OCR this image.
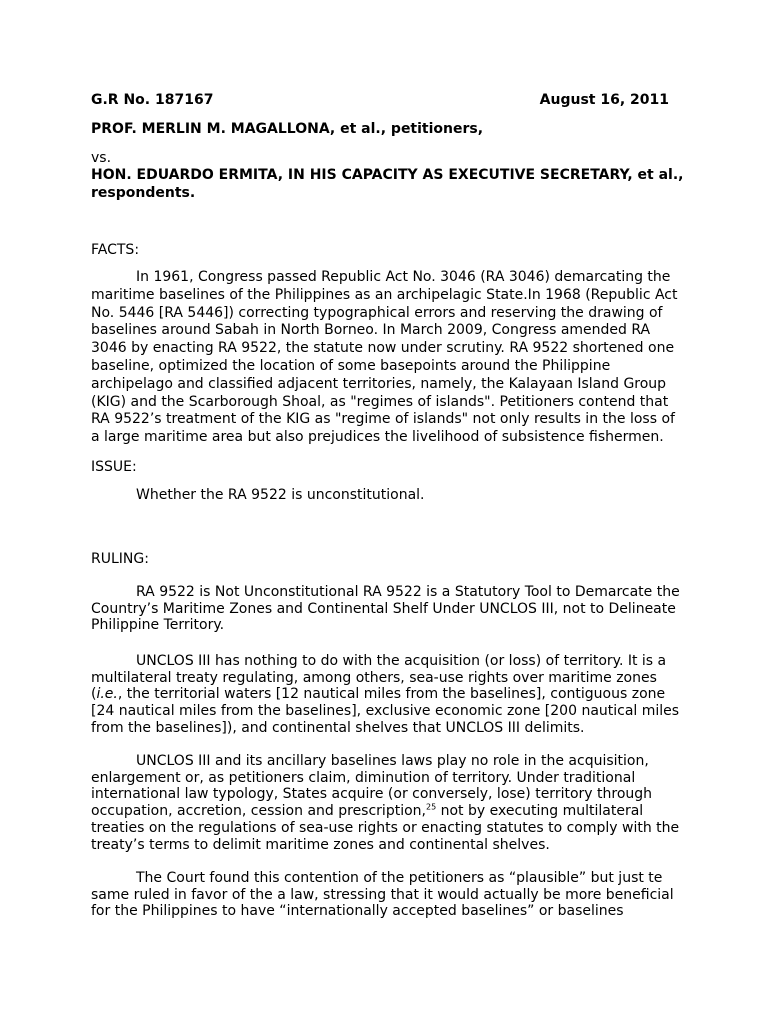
G.R No. 187167	August 16, 2011
PROF. MERLIN M. MAGALLONA, et al., petitioners,
vs.
HON. EDUARDO ERMITA, IN HIS CAPACITY AS EXECUTIVE SECRETARY, et al., respondents.
FACTS:

In 1961, Congress passed Republic Act No. 3046 (RA 3046) demarcating the maritime baselines of the Philippines as an archipelagic State.In 1968 (Republic Act No. 5446 [RA 5446]) correcting typographical errors and reserving the drawing of baselines around Sabah in North Borneo. In March 2009, Congress amended RA 3046 by enacting RA 9522, the statute now under scrutiny. RA 9522 shortened one baseline, optimized the location of some basepoints around the Philippine archipelago and classified adjacent territories, namely, the Kalayaan Island Group (KIG) and the Scarborough Shoal, as "regimes of islands". Petitioners contend that RA 9522’s treatment of the KIG as "regime of islands" not only results in the loss of a large maritime area but also prejudices the livelihood of subsistence fishermen.

ISSUE:
Whether the RA 9522 is unconstitutional.
RULING:

RA 9522 is Not Unconstitutional RA 9522 is a Statutory Tool to Demarcate the Country’s Maritime Zones and Continental Shelf Under UNCLOS III, not to Delineate Philippine Territory.

UNCLOS III has nothing to do with the acquisition (or loss) of territory. It is a multilateral treaty regulating, among others, sea-use rights over maritime zones (i.e., the territorial waters [12 nautical miles from the baselines], contiguous zone [24 nautical miles from the baselines], exclusive economic zone [200 nautical miles from the baselines]), and continental shelves that UNCLOS III delimits.

UNCLOS III and its ancillary baselines laws play no role in the acquisition, enlargement or, as petitioners claim, diminution of territory. Under traditional international law typology, States acquire (or conversely, lose) territory through occupation, accretion, cession and prescription,$^{25}$ not by executing multilateral treaties on the regulations of sea-use rights or enacting statutes to comply with the treaty’s terms to delimit maritime zones and continental shelves.

The Court found this contention of the petitioners as “plausible” but just te same ruled in favor of the a law, stressing that it would actually be more beneficial for the Philippines to have “internationally accepted baselines” or baselines
